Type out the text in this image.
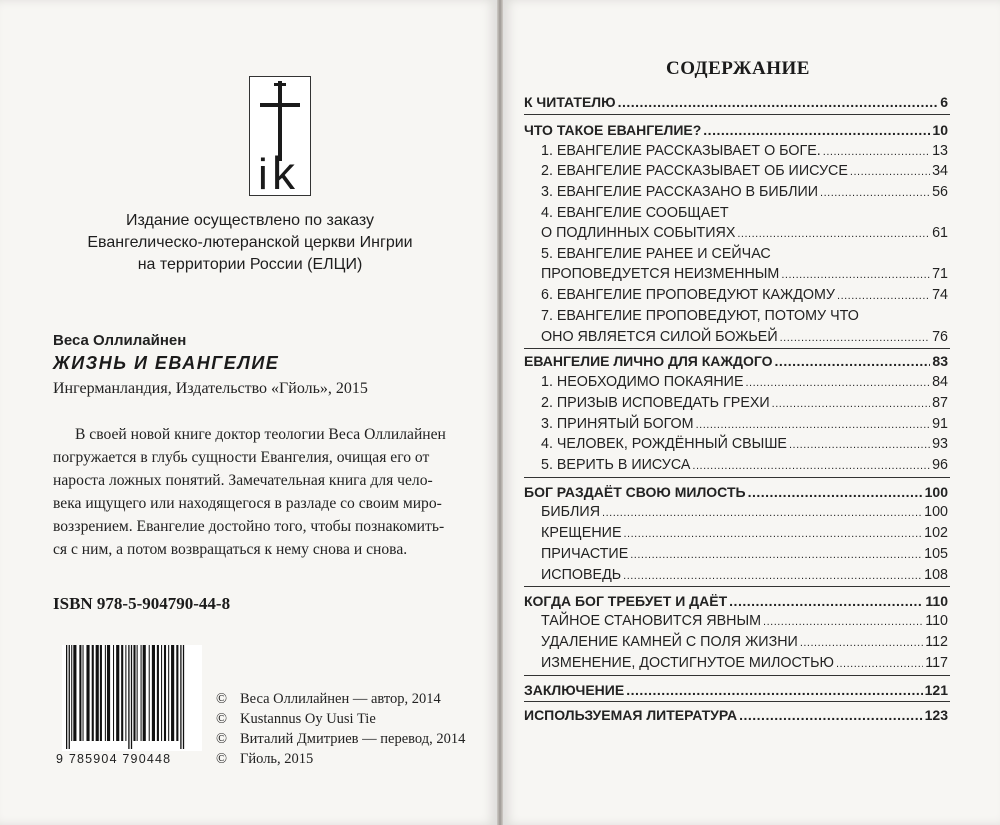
i k
Издание осуществлено по заказу
Евангелическо-лютеранской церкви Ингрии
на территории России (ЕЛЦИ)
Веса Оллилайнен
ЖИЗНЬ И ЕВАНГЕЛИЕ
Ингерманландия, Издательство «Гйоль», 2015
В своей новой книге доктор теологии Веса Оллилайнен
погружается в глубь сущности Евангелия, очищая его от
нароста ложных понятий. Замечательная книга для чело-
века ищущего или находящегося в разладе со своим миро-
воззрением. Евангелие достойно того, чтобы познакомить-
ся с ним, а потом возвращаться к нему снова и снова.
ISBN 978-5-904790-44-8
9 785904 790448
© Веса Оллилайнен — автор, 2014
© Kustannus Oy Uusi Tie
© Виталий Дмитриев — перевод, 2014
© Гйоль, 2015
СОДЕРЖАНИЕ
К ЧИТАТЕЛЮ .....	6
ЧТО ТАКОЕ ЕВАНГЕЛИЕ? .....	10
1. ЕВАНГЕЛИЕ РАССКАЗЫВАЕТ О БОГЕ. .....	13
2. ЕВАНГЕЛИЕ РАССКАЗЫВАЕТ ОБ ИИСУСЕ .....	34
3. ЕВАНГЕЛИЕ РАССКАЗАНО В БИБЛИИ .....	56
4. ЕВАНГЕЛИЕ СООБЩАЕТ
О ПОДЛИННЫХ СОБЫТИЯХ .....	61
5. ЕВАНГЕЛИЕ РАНЕЕ И СЕЙЧАС
ПРОПОВЕДУЕТСЯ НЕИЗМЕННЫМ .....	71
6. ЕВАНГЕЛИЕ ПРОПОВЕДУЮТ КАЖДОМУ .....	74
7. ЕВАНГЕЛИЕ ПРОПОВЕДУЮТ, ПОТОМУ ЧТО
ОНО ЯВЛЯЕТСЯ СИЛОЙ БОЖЬЕЙ .....	76
ЕВАНГЕЛИЕ ЛИЧНО ДЛЯ КАЖДОГО .....	83
1. НЕОБХОДИМО ПОКАЯНИЕ .....	84
2. ПРИЗЫВ ИСПОВЕДАТЬ ГРЕХИ .....	87
3. ПРИНЯТЫЙ БОГОМ .....	91
4. ЧЕЛОВЕК, РОЖДЁННЫЙ СВЫШЕ .....	93
5. ВЕРИТЬ В ИИСУСА .....	96
БОГ РАЗДАЁТ СВОЮ МИЛОСТЬ .....	100
БИБЛИЯ .....	100
КРЕЩЕНИЕ .....	102
ПРИЧАСТИЕ .....	105
ИСПОВЕДЬ .....	108
КОГДА БОГ ТРЕБУЕТ И ДАЁТ .....	110
ТАЙНОЕ СТАНОВИТСЯ ЯВНЫМ .....	110
УДАЛЕНИЕ КАМНЕЙ С ПОЛЯ ЖИЗНИ .....	112
ИЗМЕНЕНИЕ, ДОСТИГНУТОЕ МИЛОСТЬЮ .....	117
ЗАКЛЮЧЕНИЕ .....	121
ИСПОЛЬЗУЕМАЯ ЛИТЕРАТУРА .....	123
